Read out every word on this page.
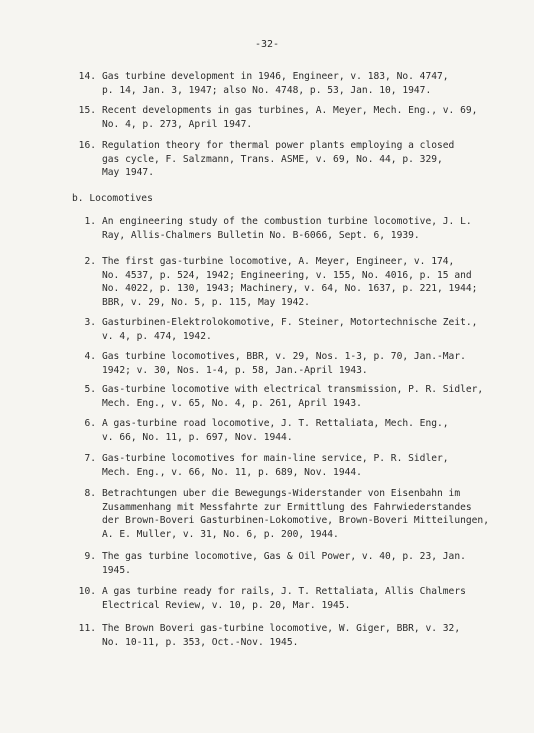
-32-
14. Gas turbine development in 1946, Engineer, v. 183, No. 4747,
p. 14, Jan. 3, 1947; also No. 4748, p. 53, Jan. 10, 1947.
15. Recent developments in gas turbines, A. Meyer, Mech. Eng., v. 69,
No. 4, p. 273, April 1947.
16. Regulation theory for thermal power plants employing a closed
gas cycle, F. Salzmann, Trans. ASME, v. 69, No. 44, p. 329,
May 1947.
b. Locomotives
1. An engineering study of the combustion turbine locomotive, J. L.
Ray, Allis-Chalmers Bulletin No. B-6066, Sept. 6, 1939.
2. The first gas-turbine locomotive, A. Meyer, Engineer, v. 174,
No. 4537, p. 524, 1942; Engineering, v. 155, No. 4016, p. 15 and
No. 4022, p. 130, 1943; Machinery, v. 64, No. 1637, p. 221, 1944;
BBR, v. 29, No. 5, p. 115, May 1942.
3. Gasturbinen-Elektrolokomotive, F. Steiner, Motortechnische Zeit.,
v. 4, p. 474, 1942.
4. Gas turbine locomotives, BBR, v. 29, Nos. 1-3, p. 70, Jan.-Mar.
1942; v. 30, Nos. 1-4, p. 58, Jan.-April 1943.
5. Gas-turbine locomotive with electrical transmission, P. R. Sidler,
Mech. Eng., v. 65, No. 4, p. 261, April 1943.
6. A gas-turbine road locomotive, J. T. Rettaliata, Mech. Eng.,
v. 66, No. 11, p. 697, Nov. 1944.
7. Gas-turbine locomotives for main-line service, P. R. Sidler,
Mech. Eng., v. 66, No. 11, p. 689, Nov. 1944.
8. Betrachtungen uber die Bewegungs-Widerstander von Eisenbahn im
Zusammenhang mit Messfahrte zur Ermittlung des Fahrwiederstandes
der Brown-Boveri Gasturbinen-Lokomotive, Brown-Boveri Mitteilungen,
A. E. Muller, v. 31, No. 6, p. 200, 1944.
9. The gas turbine locomotive, Gas & Oil Power, v. 40, p. 23, Jan.
1945.
10. A gas turbine ready for rails, J. T. Rettaliata, Allis Chalmers
Electrical Review, v. 10, p. 20, Mar. 1945.
11. The Brown Boveri gas-turbine locomotive, W. Giger, BBR, v. 32,
No. 10-11, p. 353, Oct.-Nov. 1945.
